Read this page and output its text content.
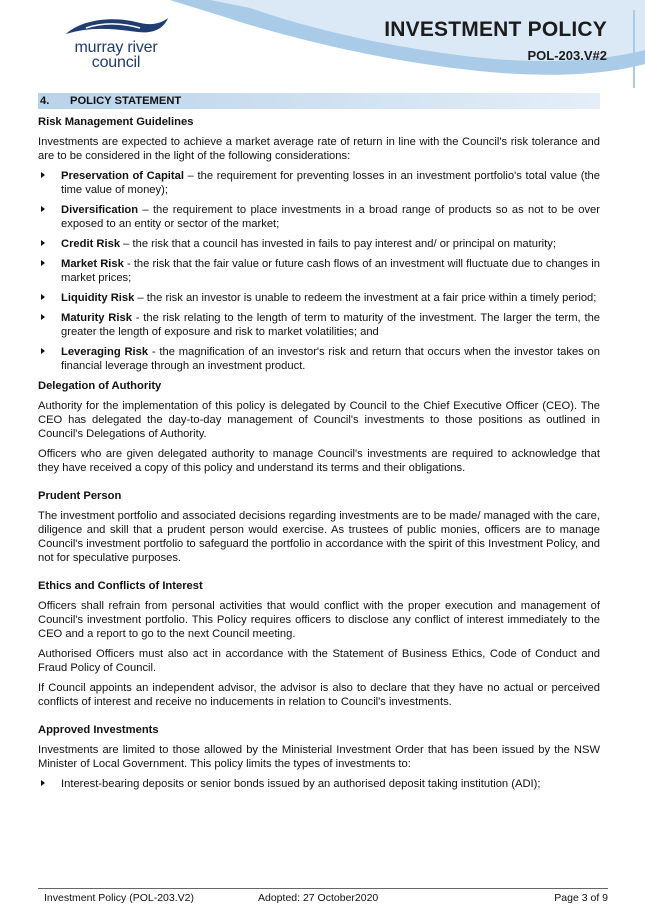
murray river
council
INVESTMENT POLICY
POL-203.V#2
4. POLICY STATEMENT
Risk Management Guidelines

Investments are expected to achieve a market average rate of return in line with the Council's risk tolerance and are to be considered in the light of the following considerations:

Preservation of Capital – the requirement for preventing losses in an investment portfolio's total value (the time value of money);
Diversification – the requirement to place investments in a broad range of products so as not to be over exposed to an entity or sector of the market;
Credit Risk – the risk that a council has invested in fails to pay interest and/ or principal on maturity;
Market Risk - the risk that the fair value or future cash flows of an investment will fluctuate due to changes in market prices;
Liquidity Risk – the risk an investor is unable to redeem the investment at a fair price within a timely period;
Maturity Risk - the risk relating to the length of term to maturity of the investment. The larger the term, the greater the length of exposure and risk to market volatilities; and
Leveraging Risk - the magnification of an investor's risk and return that occurs when the investor takes on financial leverage through an investment product.
Delegation of Authority

Authority for the implementation of this policy is delegated by Council to the Chief Executive Officer (CEO). The CEO has delegated the day-to-day management of Council's investments to those positions as outlined in Council's Delegations of Authority.

Officers who are given delegated authority to manage Council's investments are required to acknowledge that they have received a copy of this policy and understand its terms and their obligations.

Prudent Person

The investment portfolio and associated decisions regarding investments are to be made/ managed with the care, diligence and skill that a prudent person would exercise. As trustees of public monies, officers are to manage Council's investment portfolio to safeguard the portfolio in accordance with the spirit of this Investment Policy, and not for speculative purposes.

Ethics and Conflicts of Interest

Officers shall refrain from personal activities that would conflict with the proper execution and management of Council's investment portfolio. This Policy requires officers to disclose any conflict of interest immediately to the CEO and a report to go to the next Council meeting.

Authorised Officers must also act in accordance with the Statement of Business Ethics, Code of Conduct and Fraud Policy of Council.

If Council appoints an independent advisor, the advisor is also to declare that they have no actual or perceived conflicts of interest and receive no inducements in relation to Council's investments.

Approved Investments

Investments are limited to those allowed by the Ministerial Investment Order that has been issued by the NSW Minister of Local Government. This policy limits the types of investments to:

Interest-bearing deposits or senior bonds issued by an authorised deposit taking institution (ADI);
Investment Policy (POL-203.V2)	Adopted: 27 October2020	Page 3 of 9
